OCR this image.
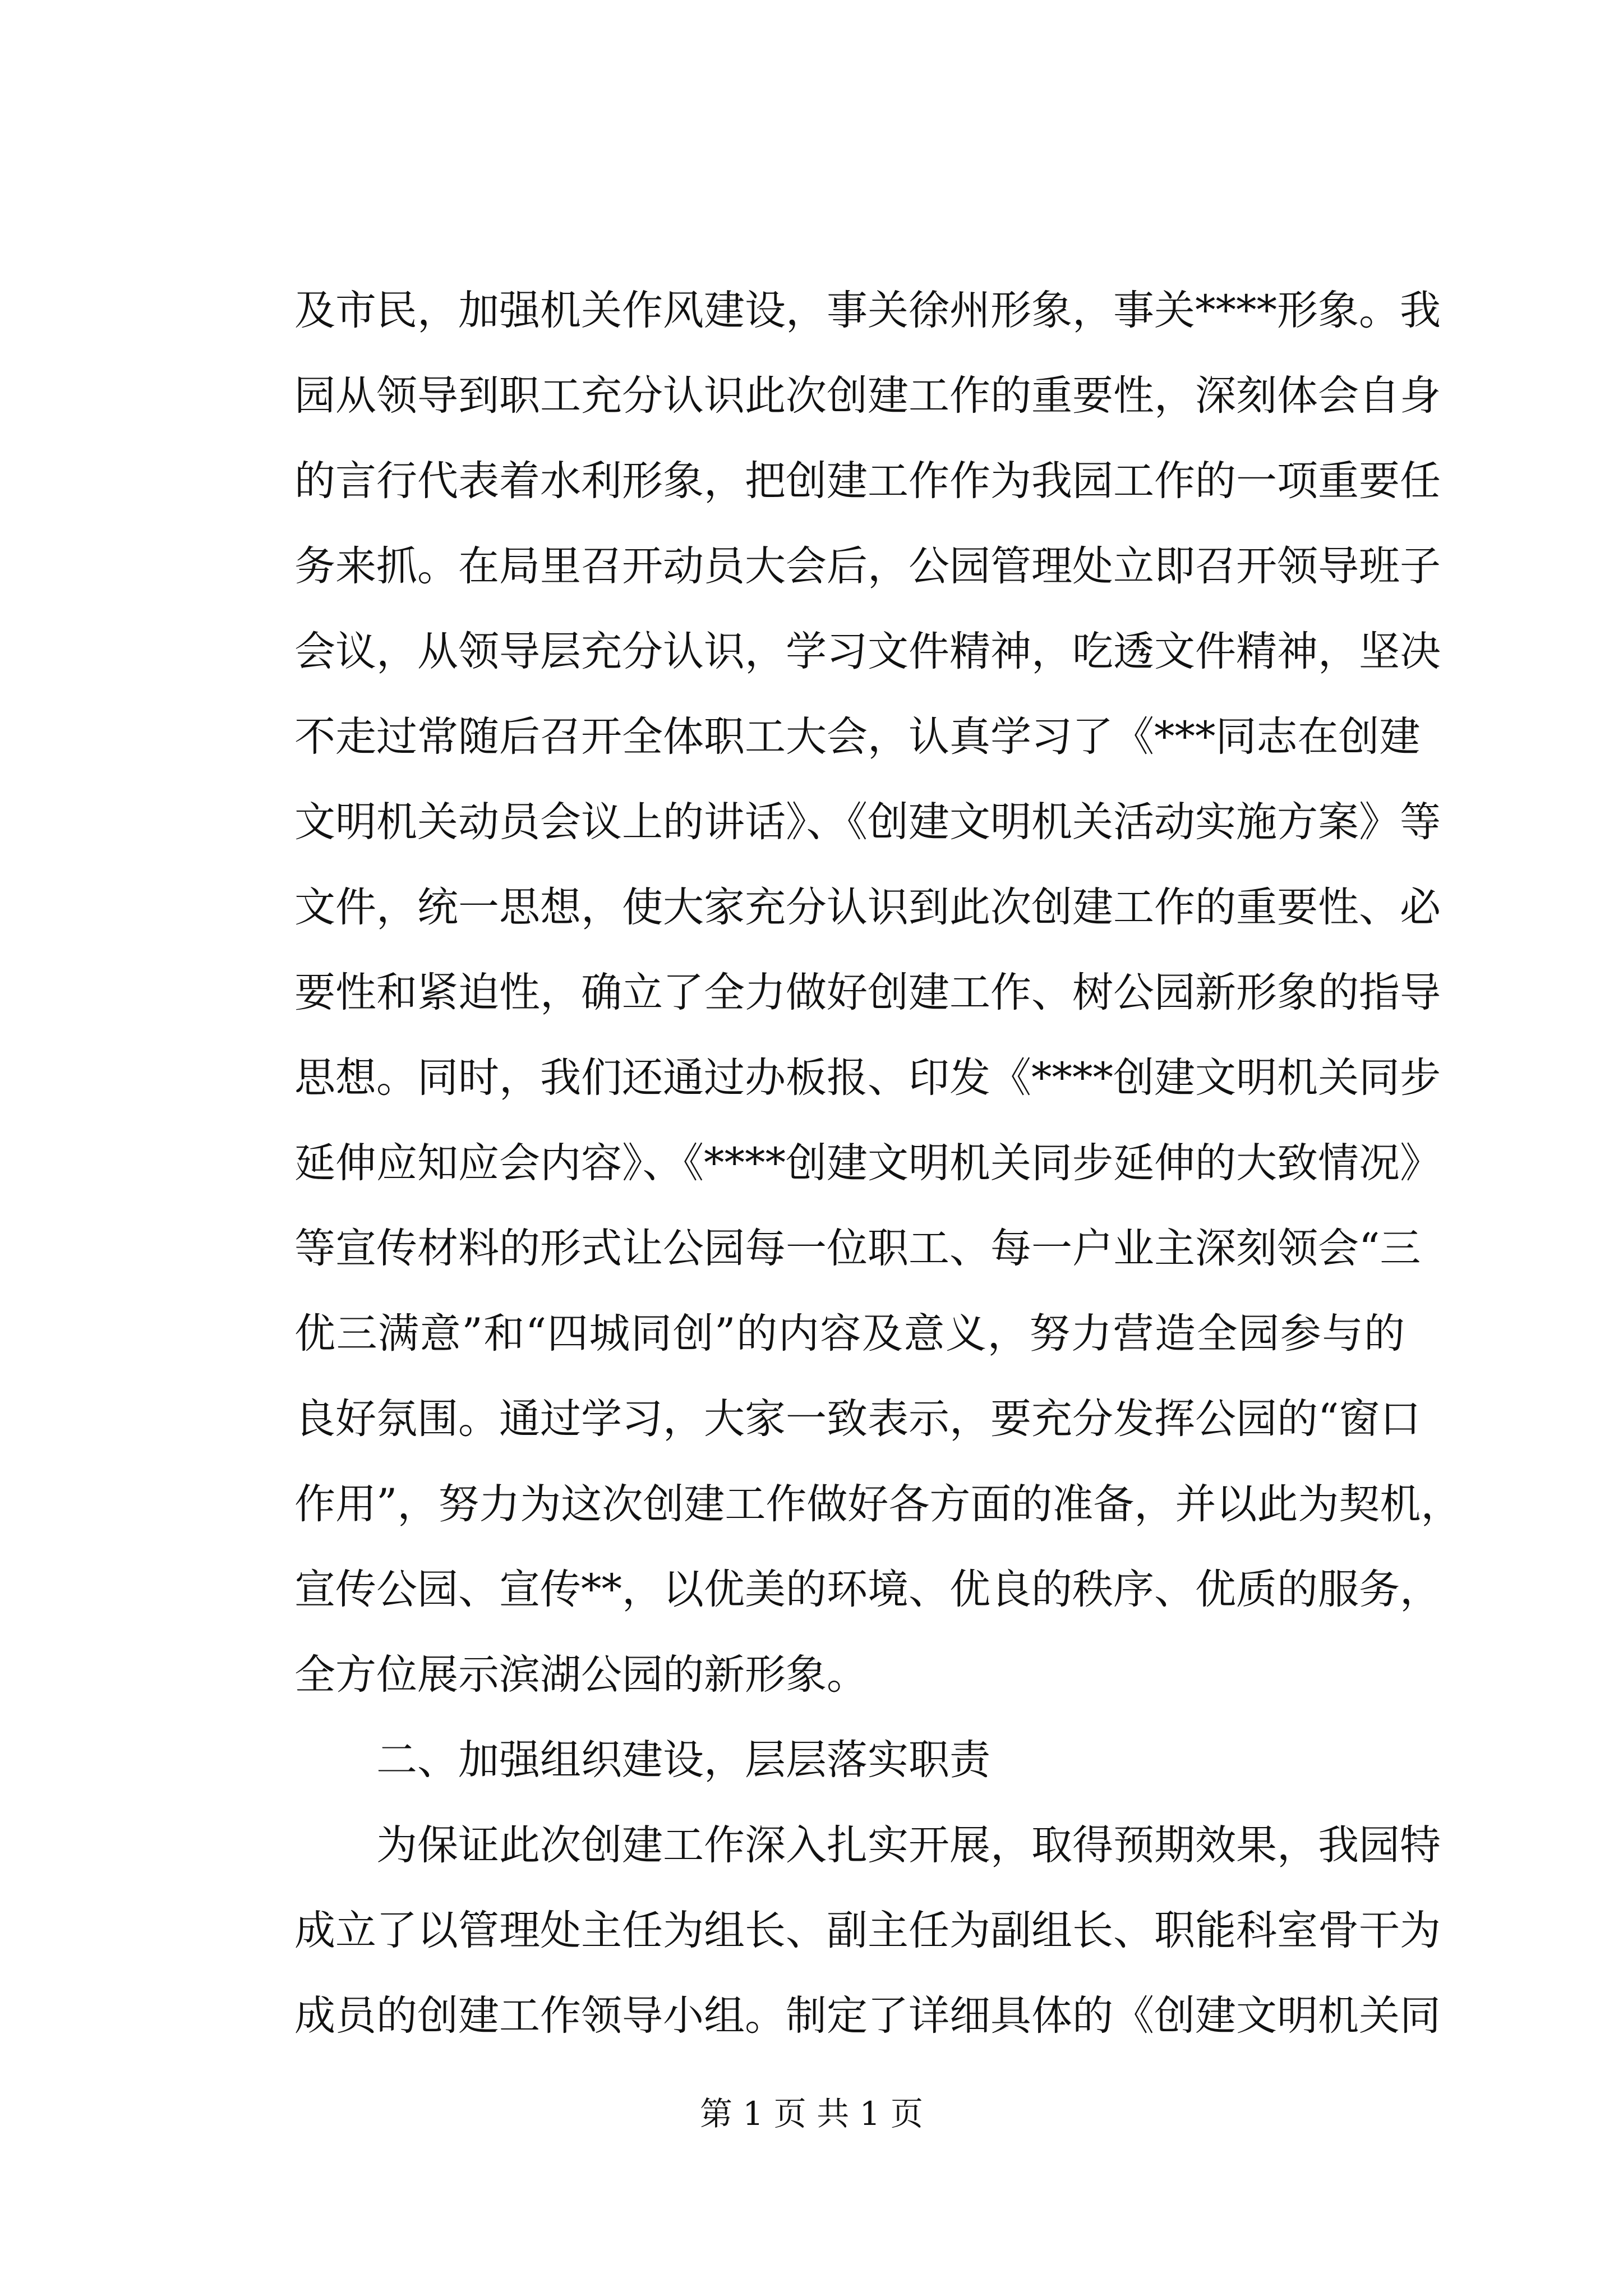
及市民，加强机关作风建设，事关徐州形象，事关****形象。我
园从领导到职工充分认识此次创建工作的重要性，深刻体会自身
的言行代表着水利形象，把创建工作作为我园工作的一项重要任
务来抓。在局里召开动员大会后，公园管理处立即召开领导班子
会议，从领导层充分认识，学习文件精神，吃透文件精神，坚决
不走过常随后召开全体职工大会，认真学习了《***同志在创建
文明机关动员会议上的讲话》、《创建文明机关活动实施方案》等
文件，统一思想，使大家充分认识到此次创建工作的重要性、必
要性和紧迫性，确立了全力做好创建工作、树公园新形象的指导
思想。同时，我们还通过办板报、印发《****创建文明机关同步
延伸应知应会内容》、《****创建文明机关同步延伸的大致情况》
等宣传材料的形式让公园每一位职工、每一户业主深刻领会“三
优三满意”和“四城同创”的内容及意义，努力营造全园参与的
良好氛围。通过学习，大家一致表示，要充分发挥公园的“窗口
作用”，努力为这次创建工作做好各方面的准备，并以此为契机，
宣传公园、宣传**，以优美的环境、优良的秩序、优质的服务，
全方位展示滨湖公园的新形象。
二、加强组织建设，层层落实职责
为保证此次创建工作深入扎实开展，取得预期效果，我园特
成立了以管理处主任为组长、副主任为副组长、职能科室骨干为
成员的创建工作领导小组。制定了详细具体的《创建文明机关同
第 1 页 共 1 页
